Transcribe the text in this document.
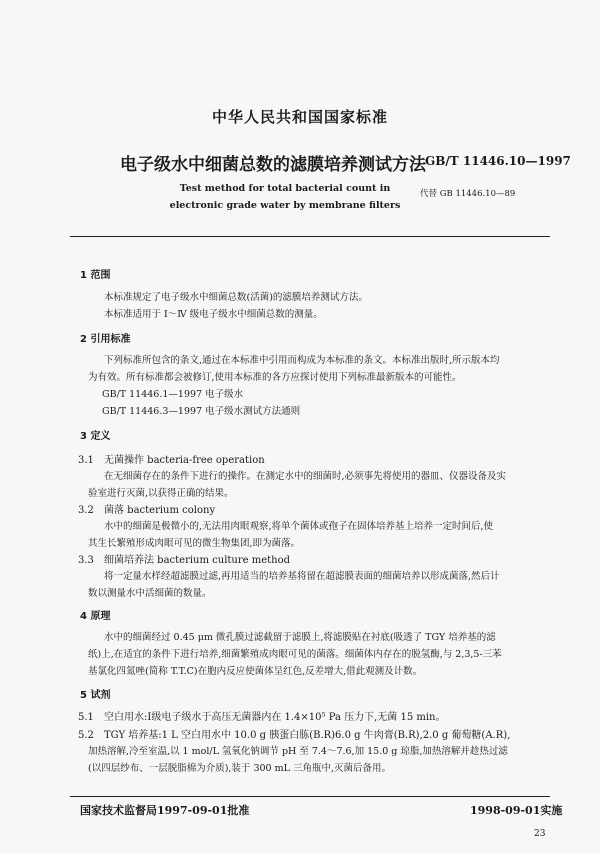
中华人民共和国国家标准
电子级水中细菌总数的滤膜培养测试方法 GB/T 11446.10—1997
Test method for total bacterial count in
electronic grade water by membrane filters
代替 GB 11446.10—89
1 范围
本标准规定了电子级水中细菌总数(活菌)的滤膜培养测试方法。
本标准适用于 Ⅰ～Ⅳ 级电子级水中细菌总数的测量。
2 引用标准
下列标准所包含的条文,通过在本标准中引用而构成为本标准的条文。本标准出版时,所示版本均
为有效。所有标准都会被修订,使用本标准的各方应探讨使用下列标准最新版本的可能性。
GB/T 11446.1—1997 电子级水
GB/T 11446.3—1997 电子级水测试方法通则
3 定义
3.1 无菌操作 bacteria-free operation
在无细菌存在的条件下进行的操作。在测定水中的细菌时,必须事先将使用的器皿、仪器设备及实
验室进行灭菌,以获得正确的结果。
3.2 菌落 bacterium colony
水中的细菌是极微小的,无法用肉眼观察,将单个菌体或孢子在固体培养基上培养一定时间后,使
其生长繁殖形成肉眼可见的微生物集团,即为菌落。
3.3 细菌培养法 bacterium culture method
将一定量水样经超滤膜过滤,再用适当的培养基将留在超滤膜表面的细菌培养以形成菌落,然后计
数以测量水中活细菌的数量。
4 原理
水中的细菌经过 0.45 μm 微孔膜过滤截留于滤膜上,将滤膜贴在衬底(吸透了 TGY 培养基的滤
纸)上,在适宜的条件下进行培养,细菌繁殖成肉眼可见的菌落。细菌体内存在的脱氢酶,与 2,3,5-三苯
基氯化四氮唑(简称 T.T.C)在胞内反应使菌体呈红色,反差增大,借此观测及计数。
5 试剂
5.1 空白用水:Ⅰ级电子级水于高压无菌器内在 1.4×10⁵ Pa 压力下,无菌 15 min。
5.2 TGY 培养基:1 L 空白用水中 10.0 g 胰蛋白胨(B.R)6.0 g 牛肉膏(B.R),2.0 g 葡萄糖(A.R),
加热溶解,冷至室温,以 1 mol/L 氢氧化钠调节 pH 至 7.4～7.6,加 15.0 g 琼脂,加热溶解并趁热过滤
(以四层纱布、一层脱脂棉为介质),装于 300 mL 三角瓶中,灭菌后备用。
国家技术监督局1997-09-01批准	1998-09-01实施
23
